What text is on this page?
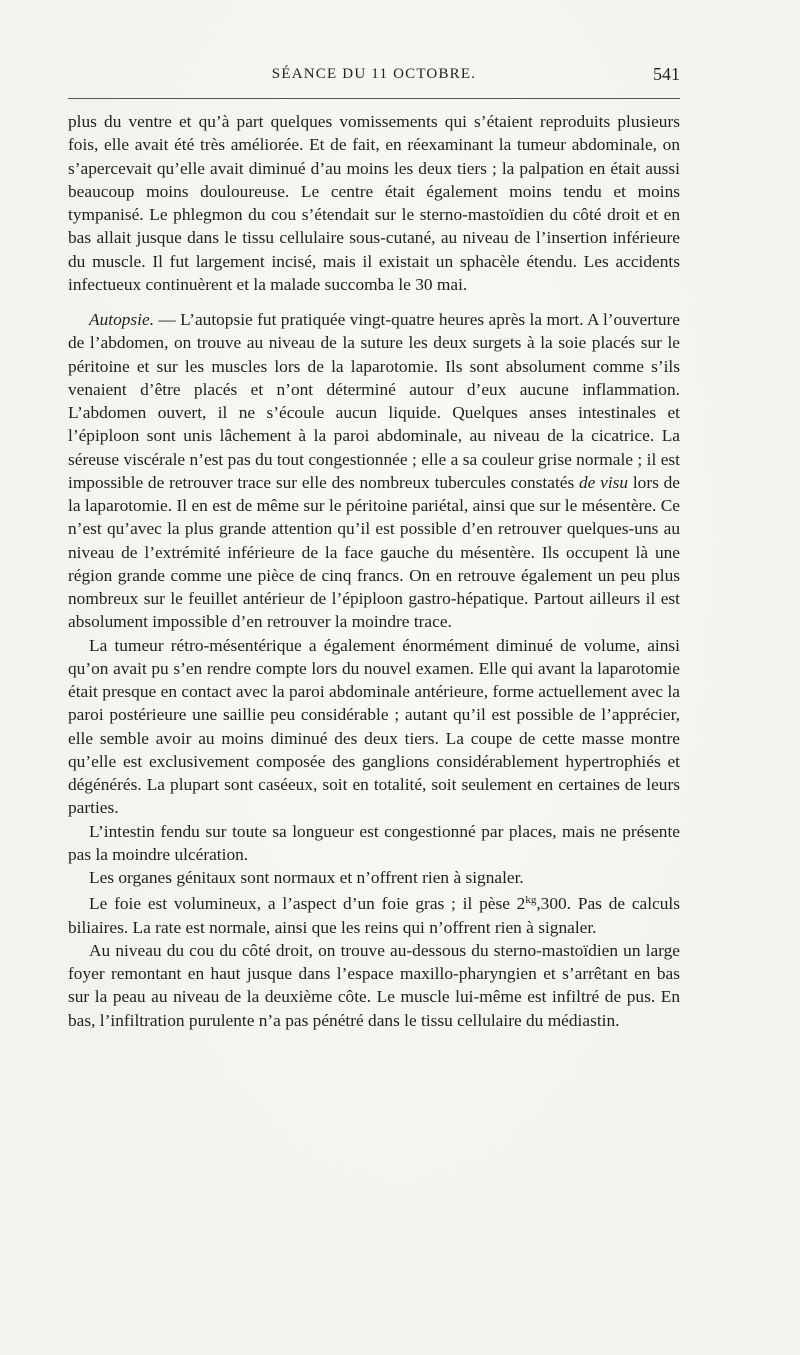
SÉANCE DU 11 OCTOBRE.	541

plus du ventre et qu’à part quelques vomissements qui s’étaient reproduits plusieurs fois, elle avait été très améliorée. Et de fait, en réexaminant la tumeur abdominale, on s’apercevait qu’elle avait diminué d’au moins les deux tiers ; la palpation en était aussi beaucoup moins douloureuse. Le centre était également moins tendu et moins tympanisé. Le phlegmon du cou s’étendait sur le sterno-mastoïdien du côté droit et en bas allait jusque dans le tissu cellulaire sous-cutané, au niveau de l’insertion inférieure du muscle. Il fut largement incisé, mais il existait un sphacèle étendu. Les accidents infectueux continuèrent et la malade succomba le 30 mai.

Autopsie. — L’autopsie fut pratiquée vingt-quatre heures après la mort. A l’ouverture de l’abdomen, on trouve au niveau de la suture les deux surgets à la soie placés sur le péritoine et sur les muscles lors de la laparotomie. Ils sont absolument comme s’ils venaient d’être placés et n’ont déterminé autour d’eux aucune inflammation. L’abdomen ouvert, il ne s’écoule aucun liquide. Quelques anses intestinales et l’épiploon sont unis lâchement à la paroi abdominale, au niveau de la cicatrice. La séreuse viscérale n’est pas du tout congestionnée ; elle a sa couleur grise normale ; il est impossible de retrouver trace sur elle des nombreux tubercules constatés de visu lors de la laparotomie. Il en est de même sur le péritoine pariétal, ainsi que sur le mésentère. Ce n’est qu’avec la plus grande attention qu’il est possible d’en retrouver quelques-uns au niveau de l’extrémité inférieure de la face gauche du mésentère. Ils occupent là une région grande comme une pièce de cinq francs. On en retrouve également un peu plus nombreux sur le feuillet antérieur de l’épiploon gastro-hépatique. Partout ailleurs il est absolument impossible d’en retrouver la moindre trace.

La tumeur rétro-mésentérique a également énormément diminué de volume, ainsi qu’on avait pu s’en rendre compte lors du nouvel examen. Elle qui avant la laparotomie était presque en contact avec la paroi abdominale antérieure, forme actuellement avec la paroi postérieure une saillie peu considérable ; autant qu’il est possible de l’apprécier, elle semble avoir au moins diminué des deux tiers. La coupe de cette masse montre qu’elle est exclusivement composée des ganglions considérablement hypertrophiés et dégénérés. La plupart sont caséeux, soit en totalité, soit seulement en certaines de leurs parties.

L’intestin fendu sur toute sa longueur est congestionné par places, mais ne présente pas la moindre ulcération.

Les organes génitaux sont normaux et n’offrent rien à signaler.

Le foie est volumineux, a l’aspect d’un foie gras ; il pèse $2^{kg},300$. Pas de calculs biliaires. La rate est normale, ainsi que les reins qui n’offrent rien à signaler.

Au niveau du cou du côté droit, on trouve au-dessous du sterno-mastoïdien un large foyer remontant en haut jusque dans l’espace maxillo-pharyngien et s’arrêtant en bas sur la peau au niveau de la deuxième côte. Le muscle lui-même est infiltré de pus. En bas, l’infiltration purulente n’a pas pénétré dans le tissu cellulaire du médiastin.
